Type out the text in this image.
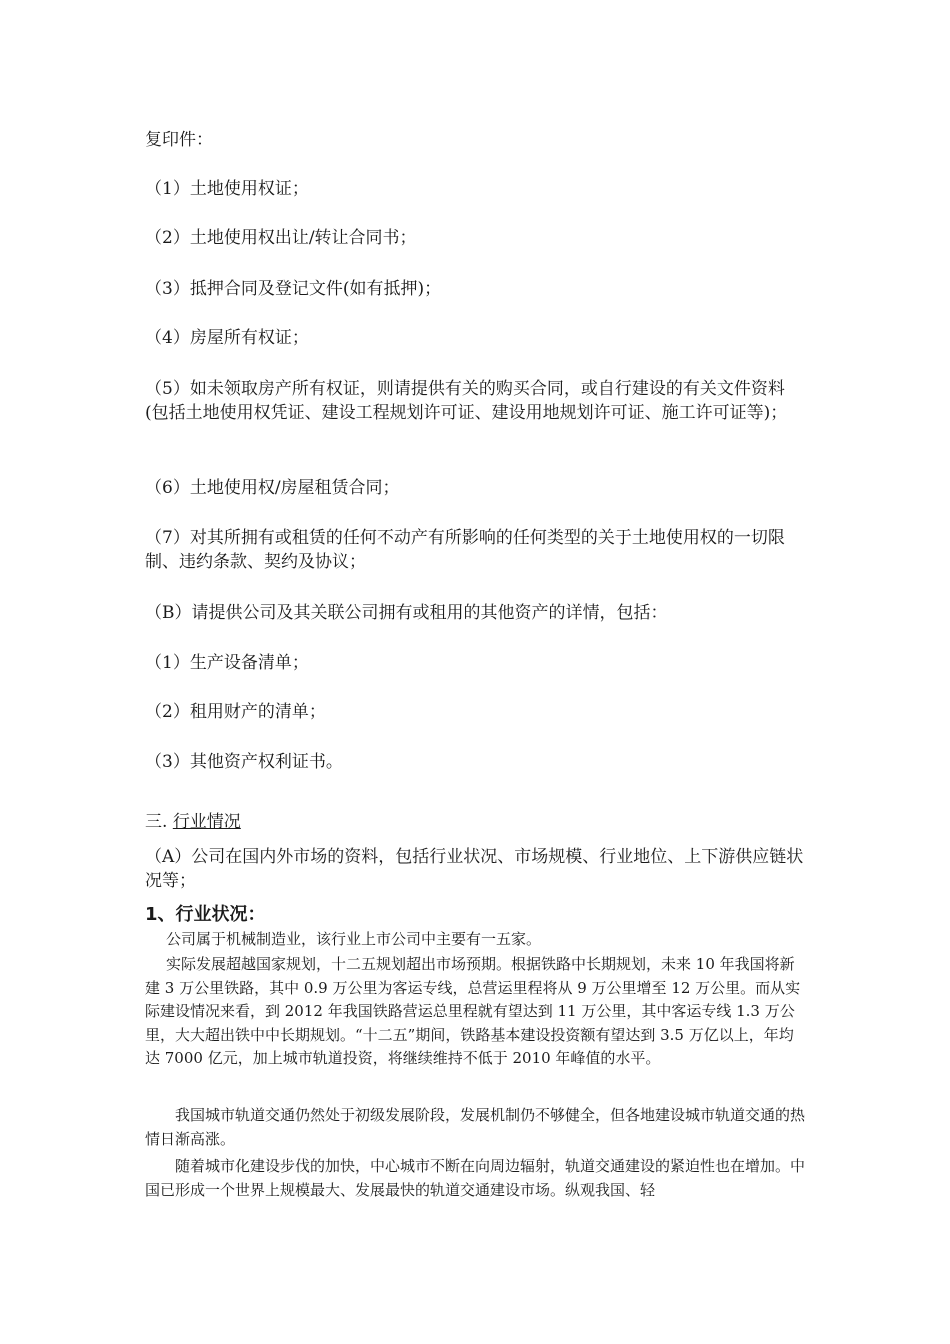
复印件：

（1）土地使用权证；

（2）土地使用权出让/转让合同书；

（3）抵押合同及登记文件(如有抵押)；

（4）房屋所有权证；

（5）如未领取房产所有权证，则请提供有关的购买合同，或自行建设的有关文件资料(包括土地使用权凭证、建设工程规划许可证、建设用地规划许可证、施工许可证等)；

（6）土地使用权/房屋租赁合同；

（7）对其所拥有或租赁的任何不动产有所影响的任何类型的关于土地使用权的一切限制、违约条款、契约及协议；

（B）请提供公司及其关联公司拥有或租用的其他资产的详情，包括：

（1）生产设备清单；

（2）租用财产的清单；

（3）其他资产权利证书。

三. 行业情况

（A）公司在国内外市场的资料，包括行业状况、市场规模、行业地位、上下游供应链状况等；

1、行业状况：

公司属于机械制造业，该行业上市公司中主要有一五家。

实际发展超越国家规划，十二五规划超出市场预期。根据铁路中长期规划，未来 10 年我国将新建 3 万公里铁路，其中 0.9 万公里为客运专线，总营运里程将从 9 万公里增至 12 万公里。而从实际建设情况来看，到 2012 年我国铁路营运总里程就有望达到 11 万公里，其中客运专线 1.3 万公里，大大超出铁中中长期规划。“十二五”期间，铁路基本建设投资额有望达到 3.5 万亿以上，年均达 7000 亿元，加上城市轨道投资，将继续维持不低于 2010 年峰值的水平。

我国城市轨道交通仍然处于初级发展阶段，发展机制仍不够健全，但各地建设城市轨道交通的热情日渐高涨。

随着城市化建设步伐的加快，中心城市不断在向周边辐射，轨道交通建设的紧迫性也在增加。中国已形成一个世界上规模最大、发展最快的轨道交通建设市场。纵观我国、轻
